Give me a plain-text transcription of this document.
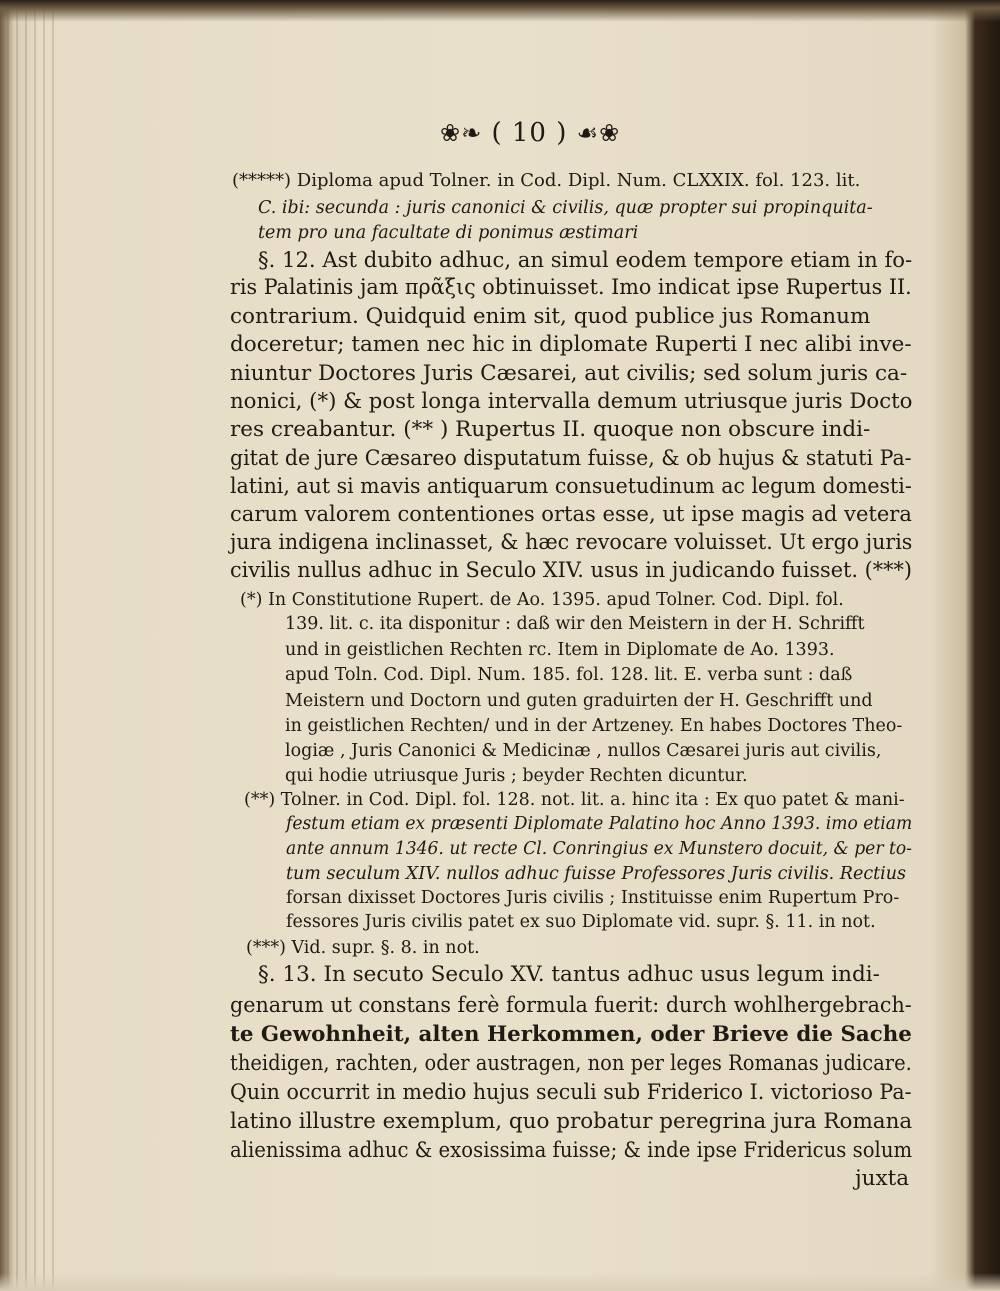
❀❧ ( 10 ) ☙❀
(*****) Diploma apud Tolner. in Cod. Dipl. Num. CLXXIX. fol. 123. lit.
C. ibi: secunda : juris canonici & civilis, quæ propter sui propinquita-
tem pro una facultate di ponimus æstimari
§. 12. Ast dubito adhuc, an simul eodem tempore etiam in fo-
ris Palatinis jam πρᾶξις obtinuisset. Imo indicat ipse Rupertus II.
contrarium. Quidquid enim sit, quod publice jus Romanum
doceretur; tamen nec hic in diplomate Ruperti I nec alibi inve-
niuntur Doctores Juris Cæsarei, aut civilis; sed solum juris ca-
nonici, (*) & post longa intervalla demum utriusque juris Docto
res creabantur. (** ) Rupertus II. quoque non obscure indi-
gitat de jure Cæsareo disputatum fuisse, & ob hujus & statuti Pa-
latini, aut si mavis antiquarum consuetudinum ac legum domesti-
carum valorem contentiones ortas esse, ut ipse magis ad vetera
jura indigena inclinasset, & hæc revocare voluisset. Ut ergo juris
civilis nullus adhuc in Seculo XIV. usus in judicando fuisset. (***)
(*) In Constitutione Rupert. de Ao. 1395. apud Tolner. Cod. Dipl. fol.
139. lit. c. ita disponitur : daß wir den Meistern in der H. Schrifft
und in geistlichen Rechten rc. Item in Diplomate de Ao. 1393.
apud Toln. Cod. Dipl. Num. 185. fol. 128. lit. E. verba sunt : daß
Meistern und Doctorn und guten graduirten der H. Geschrifft und
in geistlichen Rechten/ und in der Artzeney. En habes Doctores Theo-
logiæ , Juris Canonici & Medicinæ , nullos Cæsarei juris aut civilis,
qui hodie utriusque Juris ; beyder Rechten dicuntur.
(**) Tolner. in Cod. Dipl. fol. 128. not. lit. a. hinc ita : Ex quo patet & mani-
festum etiam ex præsenti Diplomate Palatino hoc Anno 1393. imo etiam
ante annum 1346. ut recte Cl. Conringius ex Munstero docuit, & per to-
tum seculum XIV. nullos adhuc fuisse Professores Juris civilis. Rectius
forsan dixisset Doctores Juris civilis ; Instituisse enim Rupertum Pro-
fessores Juris civilis patet ex suo Diplomate vid. supr. §. 11. in not.
(***) Vid. supr. §. 8. in not.
§. 13. In secuto Seculo XV. tantus adhuc usus legum indi-
genarum ut constans ferè formula fuerit: durch wohlhergebrach-
te Gewohnheit, alten Herkommen, oder Brieve die Sache
theidigen, rachten, oder austragen, non per leges Romanas judicare.
Quin occurrit in medio hujus seculi sub Friderico I. victorioso Pa-
latino illustre exemplum, quo probatur peregrina jura Romana
alienissima adhuc & exosissima fuisse; & inde ipse Fridericus solum
juxta
